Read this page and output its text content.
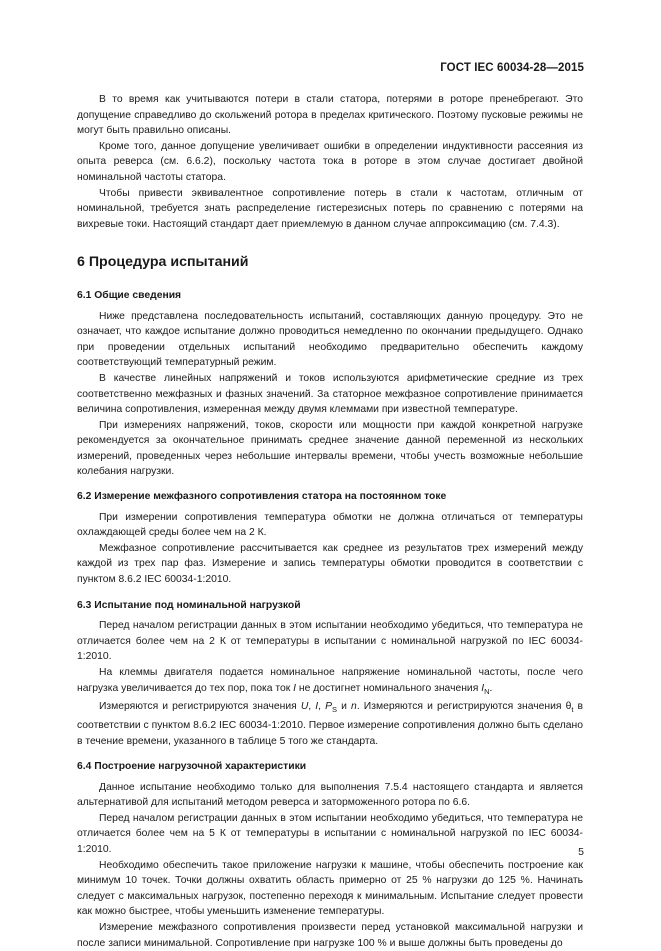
ГОСТ IEC 60034-28—2015

В то время как учитываются потери в стали статора, потерями в роторе пренебрегают. Это допущение справедливо до скольжений ротора в пределах критического. Поэтому пусковые режимы не могут быть правильно описаны.

Кроме того, данное допущение увеличивает ошибки в определении индуктивности рассеяния из опыта реверса (см. 6.6.2), поскольку частота тока в роторе в этом случае достигает двойной номинальной частоты статора.

Чтобы привести эквивалентное сопротивление потерь в стали к частотам, отличным от номинальной, требуется знать распределение гистерезисных потерь по сравнению с потерями на вихревые токи. Настоящий стандарт дает приемлемую в данном случае аппроксимацию (см. 7.4.3).

6 Процедура испытаний
6.1 Общие сведения

Ниже представлена последовательность испытаний, составляющих данную процедуру. Это не означает, что каждое испытание должно проводиться немедленно по окончании предыдущего. Однако при проведении отдельных испытаний необходимо предварительно обеспечить каждому соответствующий температурный режим.

В качестве линейных напряжений и токов используются арифметические средние из трех соответственно межфазных и фазных значений. За статорное межфазное сопротивление принимается величина сопротивления, измеренная между двумя клеммами при известной температуре.

При измерениях напряжений, токов, скорости или мощности при каждой конкретной нагрузке рекомендуется за окончательное принимать среднее значение данной переменной из нескольких измерений, проведенных через небольшие интервалы времени, чтобы учесть возможные небольшие колебания нагрузки.

6.2 Измерение межфазного сопротивления статора на постоянном токе

При измерении сопротивления температура обмотки не должна отличаться от температуры охлаждающей среды более чем на 2 К.

Межфазное сопротивление рассчитывается как среднее из результатов трех измерений между каждой из трех пар фаз. Измерение и запись температуры обмотки проводится в соответствии с пунктом 8.6.2 IEC 60034-1:2010.

6.3 Испытание под номинальной нагрузкой

Перед началом регистрации данных в этом испытании необходимо убедиться, что температура не отличается более чем на 2 К от температуры в испытании с номинальной нагрузкой по IEC 60034-1:2010.

На клеммы двигателя подается номинальное напряжение номинальной частоты, после чего нагрузка увеличивается до тех пор, пока ток I не достигнет номинального значения $I_N$.

Измеряются и регистрируются значения U, I, $P_S$ и n. Измеряются и регистрируются значения $\theta_t$ в соответствии с пунктом 8.6.2 IEC 60034-1:2010. Первое измерение сопротивления должно быть сделано в течение времени, указанного в таблице 5 того же стандарта.

6.4 Построение нагрузочной характеристики

Данное испытание необходимо только для выполнения 7.5.4 настоящего стандарта и является альтернативой для испытаний методом реверса и заторможенного ротора по 6.6.

Перед началом регистрации данных в этом испытании необходимо убедиться, что температура не отличается более чем на 5 К от температуры в испытании с номинальной нагрузкой по IEC 60034-1:2010.

Необходимо обеспечить такое приложение нагрузки к машине, чтобы обеспечить построение как минимум 10 точек. Точки должны охватить область примерно от 25 % нагрузки до 125 %. Начинать следует с максимальных нагрузок, постепенно переходя к минимальным. Испытание следует провести как можно быстрее, чтобы уменьшить изменение температуры.

Измерение межфазного сопротивления произвести перед установкой максимальной нагрузки и после записи минимальной. Сопротивление при нагрузке 100 % и выше должны быть проведены до

5
